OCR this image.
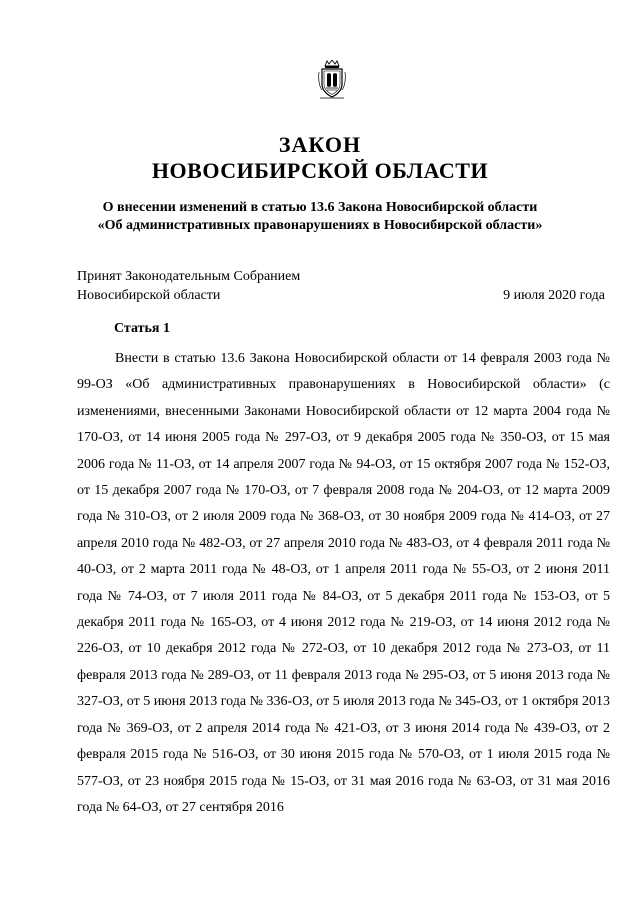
ЗАКОН
НОВОСИБИРСКОЙ ОБЛАСТИ
О внесении изменений в статью 13.6 Закона Новосибирской области
«Об административных правонарушениях в Новосибирской области»
Принят Законодательным Собранием
Новосибирской области	9 июля 2020 года
Статья 1

Внести в статью 13.6 Закона Новосибирской области от 14 февраля 2003 года № 99-ОЗ «Об административных правонарушениях в Новосибирской области» (с изменениями, внесенными Законами Новосибирской области от 12 марта 2004 года № 170-ОЗ, от 14 июня 2005 года № 297-ОЗ, от 9 декабря 2005 года № 350-ОЗ, от 15 мая 2006 года № 11-ОЗ, от 14 апреля 2007 года № 94-ОЗ, от 15 октября 2007 года № 152-ОЗ, от 15 декабря 2007 года № 170-ОЗ, от 7 февраля 2008 года № 204-ОЗ, от 12 марта 2009 года № 310-ОЗ, от 2 июля 2009 года № 368-ОЗ, от 30 ноября 2009 года № 414-ОЗ, от 27 апреля 2010 года № 482-ОЗ, от 27 апреля 2010 года № 483-ОЗ, от 4 февраля 2011 года № 40-ОЗ, от 2 марта 2011 года № 48-ОЗ, от 1 апреля 2011 года № 55-ОЗ, от 2 июня 2011 года № 74-ОЗ, от 7 июля 2011 года № 84-ОЗ, от 5 декабря 2011 года № 153-ОЗ, от 5 декабря 2011 года № 165-ОЗ, от 4 июня 2012 года № 219-ОЗ, от 14 июня 2012 года № 226-ОЗ, от 10 декабря 2012 года № 272-ОЗ, от 10 декабря 2012 года № 273-ОЗ, от 11 февраля 2013 года № 289-ОЗ, от 11 февраля 2013 года № 295-ОЗ, от 5 июня 2013 года № 327-ОЗ, от 5 июня 2013 года № 336-ОЗ, от 5 июля 2013 года № 345-ОЗ, от 1 октября 2013 года № 369-ОЗ, от 2 апреля 2014 года № 421-ОЗ, от 3 июня 2014 года № 439-ОЗ, от 2 февраля 2015 года № 516-ОЗ, от 30 июня 2015 года № 570-ОЗ, от 1 июля 2015 года № 577-ОЗ, от 23 ноября 2015 года № 15-ОЗ, от 31 мая 2016 года № 63-ОЗ, от 31 мая 2016 года № 64-ОЗ, от 27 сентября 2016
